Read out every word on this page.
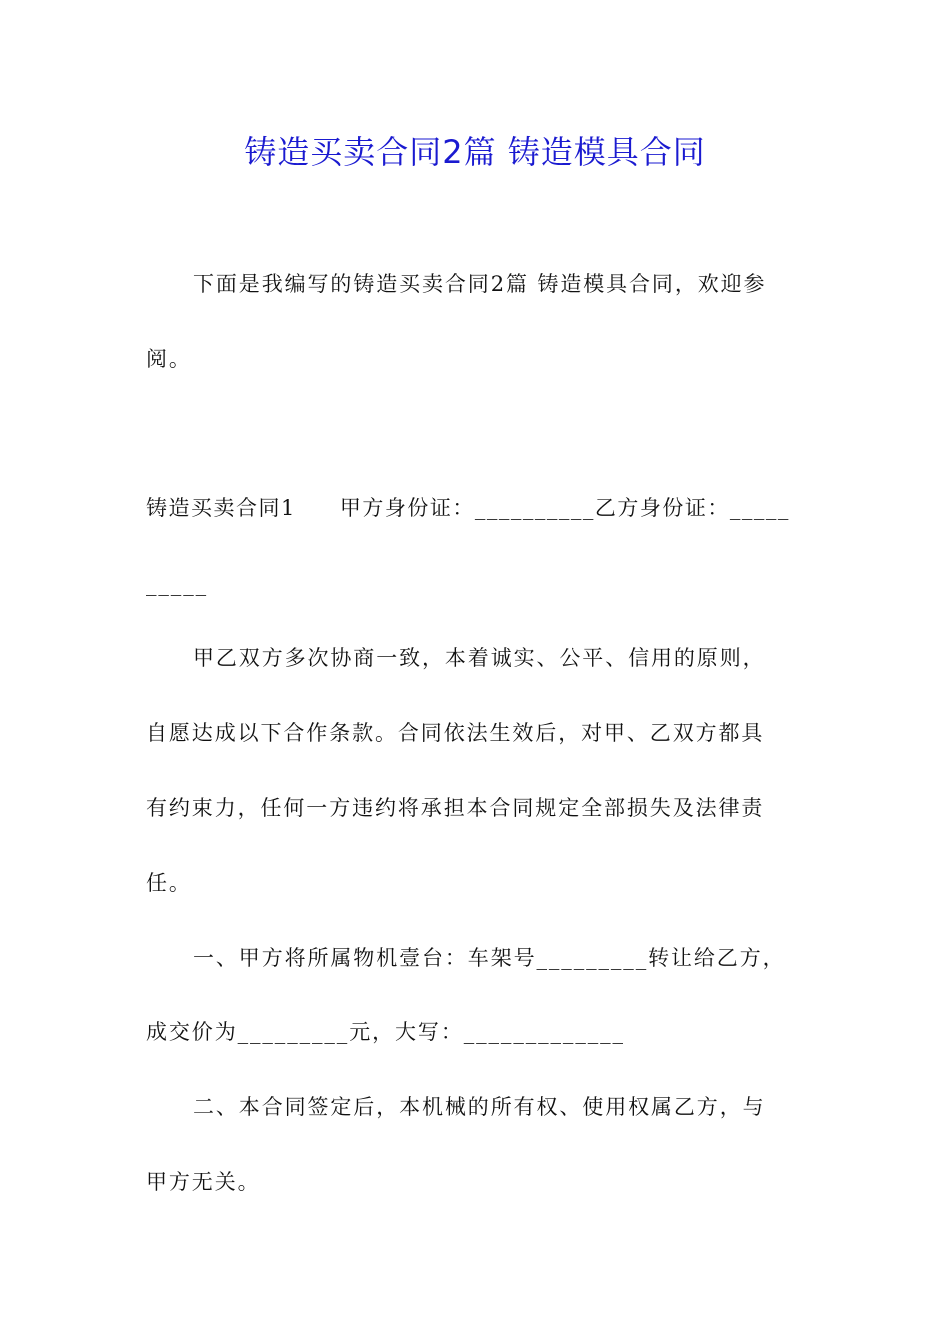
铸造买卖合同2篇 铸造模具合同
下面是我编写的铸造买卖合同2篇 铸造模具合同，欢迎参
阅。
铸造买卖合同1 甲方身份证：__________乙方身份证：_____
_____
甲乙双方多次协商一致，本着诚实、公平、信用的原则，
自愿达成以下合作条款。合同依法生效后，对甲、乙双方都具
有约束力，任何一方违约将承担本合同规定全部损失及法律责
任。
一、甲方将所属物机壹台：车架号_________转让给乙方，
成交价为_________元，大写：_____________
二、本合同签定后，本机械的所有权、使用权属乙方，与
甲方无关。
